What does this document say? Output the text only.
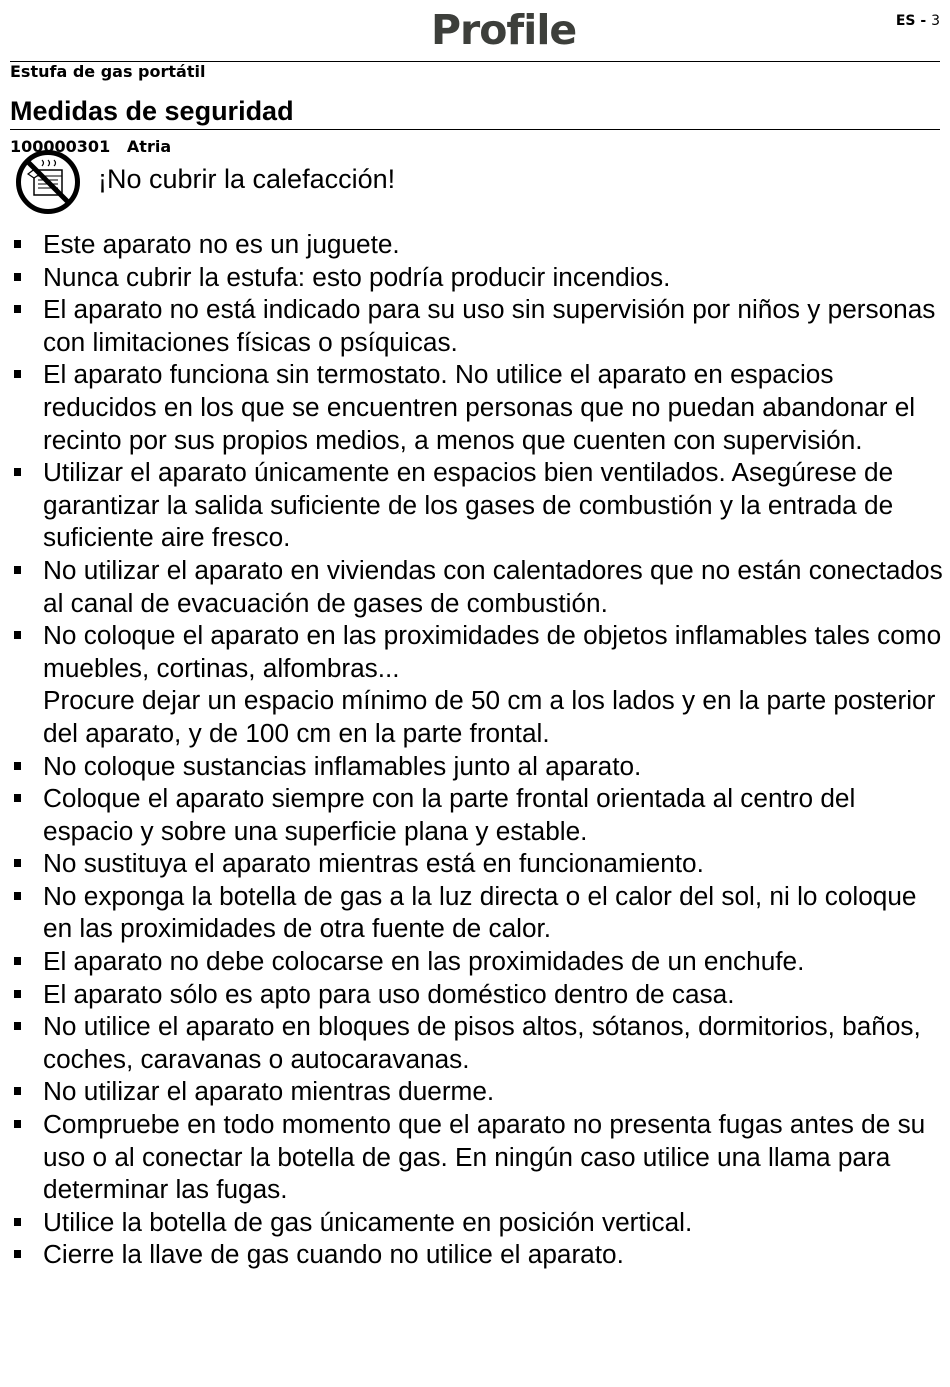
Estufa de gas portátil

100000301   Atria

Profile	ES - 3
Medidas de seguridad
¡No cubrir la calefacción!
Este aparato no es un juguete.
Nunca cubrir la estufa: esto podría producir incendios.
El aparato no está indicado para su uso sin supervisión por niños y personas con limitaciones físicas o psíquicas.
El aparato funciona sin termostato. No utilice el aparato en espacios reducidos en los que se encuentren personas que no puedan abandonar el recinto por sus propios medios, a menos que cuenten con supervisión.
Utilizar el aparato únicamente en espacios bien ventilados. Asegúrese de garantizar la salida suficiente de los gases de combustión y la entrada de suficiente aire fresco.
No utilizar el aparato en viviendas con calentadores que no están conectados al canal de evacuación de gases de combustión.
No coloque el aparato en las proximidades de objetos inflamables tales como muebles, cortinas, alfombras...
Procure dejar un espacio mínimo de 50 cm a los lados y en la parte posterior del aparato, y de 100 cm en la parte frontal.
No coloque sustancias inflamables junto al aparato.
Coloque el aparato siempre con la parte frontal orientada al centro del espacio y sobre una superficie plana y estable.
No sustituya el aparato mientras está en funcionamiento.
No exponga la botella de gas a la luz directa o el calor del sol, ni lo coloque en las proximidades de otra fuente de calor.
El aparato no debe colocarse en las proximidades de un enchufe.
El aparato sólo es apto para uso doméstico dentro de casa.
No utilice el aparato en bloques de pisos altos, sótanos, dormitorios, baños, coches, caravanas o autocaravanas.
No utilizar el aparato mientras duerme.
Compruebe en todo momento que el aparato no presenta fugas antes de su uso o al conectar la botella de gas. En ningún caso utilice una llama para determinar las fugas.
Utilice la botella de gas únicamente en posición vertical.
Cierre la llave de gas cuando no utilice el aparato.
